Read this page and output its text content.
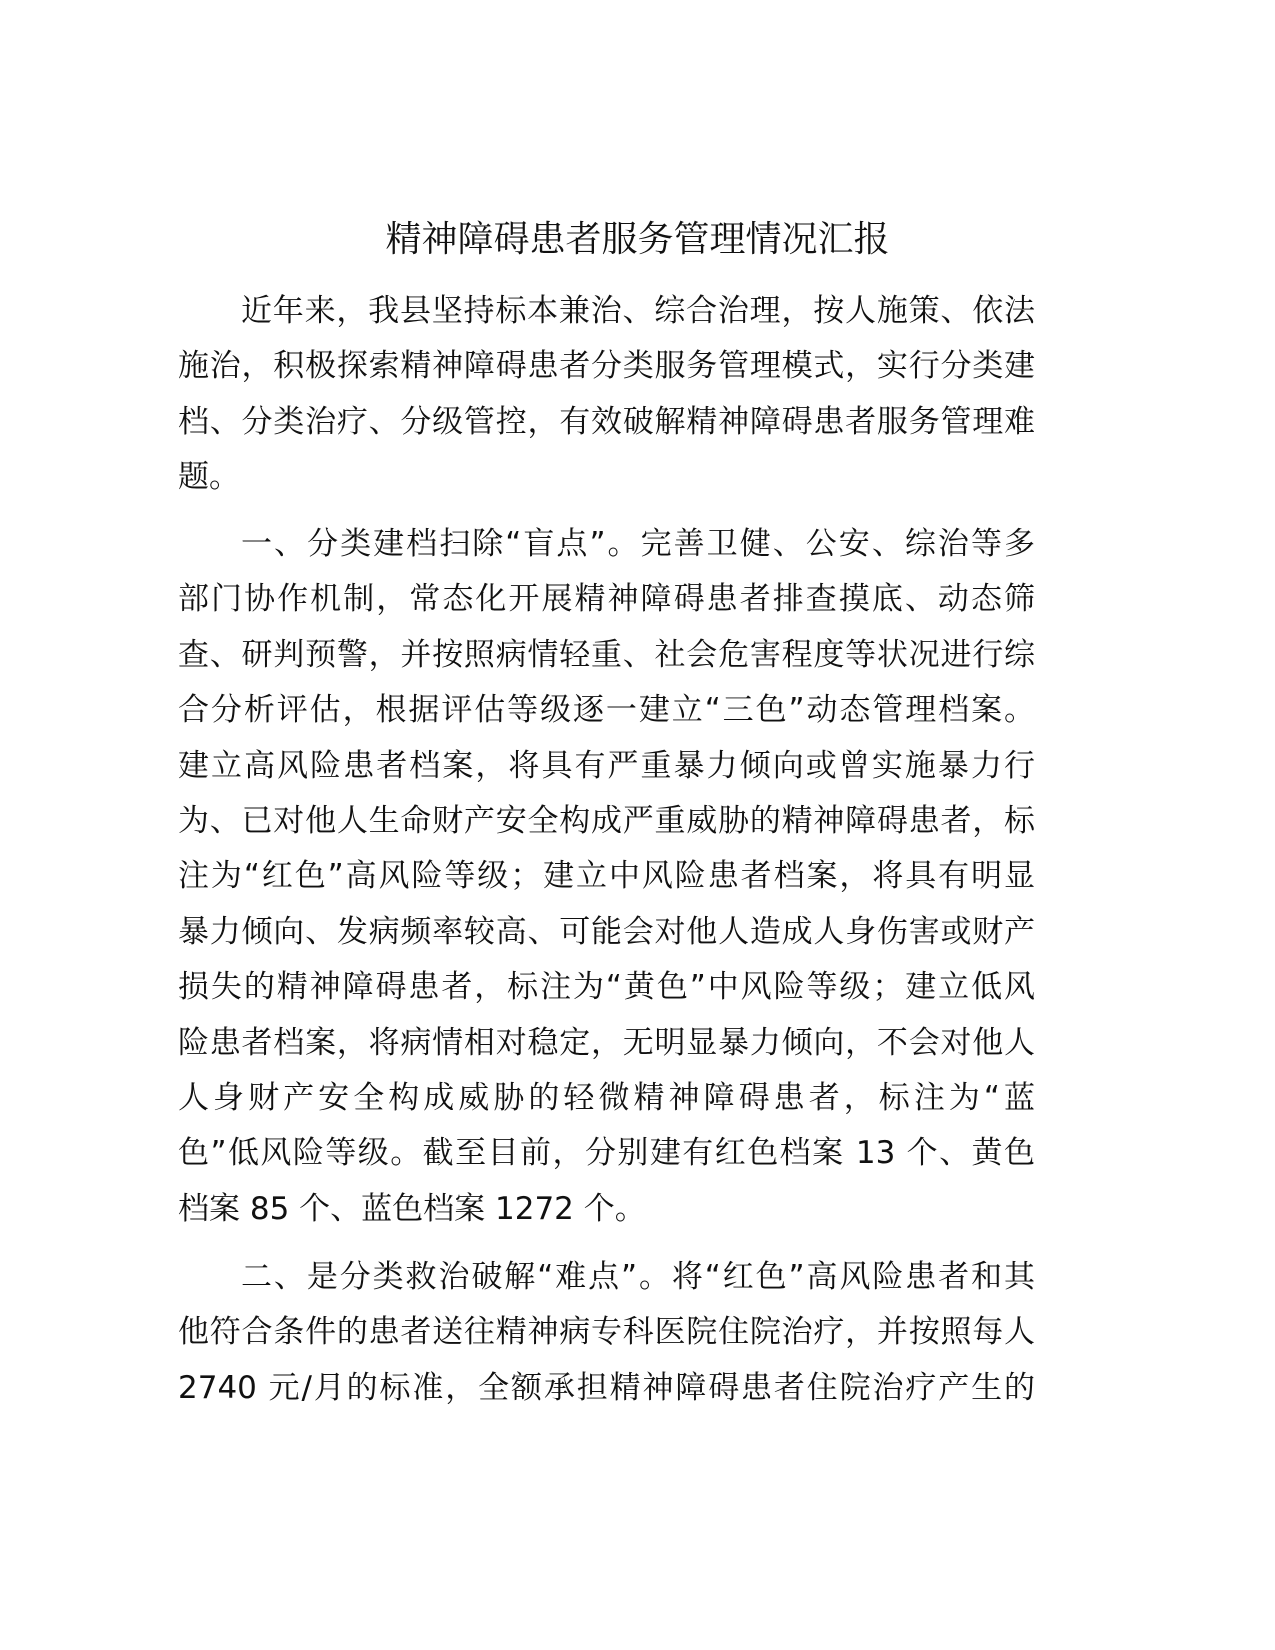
精神障碍患者服务管理情况汇报
近年来，我县坚持标本兼治、综合治理，按人施策、依法
施治，积极探索精神障碍患者分类服务管理模式，实行分类建
档、分类治疗、分级管控，有效破解精神障碍患者服务管理难
题。
一、分类建档扫除“盲点”。完善卫健、公安、综治等多
部门协作机制，常态化开展精神障碍患者排查摸底、动态筛
查、研判预警，并按照病情轻重、社会危害程度等状况进行综
合分析评估，根据评估等级逐一建立“三色”动态管理档案。
建立高风险患者档案，将具有严重暴力倾向或曾实施暴力行
为、已对他人生命财产安全构成严重威胁的精神障碍患者，标
注为“红色”高风险等级；建立中风险患者档案，将具有明显
暴力倾向、发病频率较高、可能会对他人造成人身伤害或财产
损失的精神障碍患者，标注为“黄色”中风险等级；建立低风
险患者档案，将病情相对稳定，无明显暴力倾向，不会对他人
人身财产安全构成威胁的轻微精神障碍患者，标注为“蓝
色”低风险等级。截至目前，分别建有红色档案 13 个、黄色
档案 85 个、蓝色档案 1272 个。
二、是分类救治破解“难点”。将“红色”高风险患者和其
他符合条件的患者送往精神病专科医院住院治疗，并按照每人
2740 元/月的标准，全额承担精神障碍患者住院治疗产生的
